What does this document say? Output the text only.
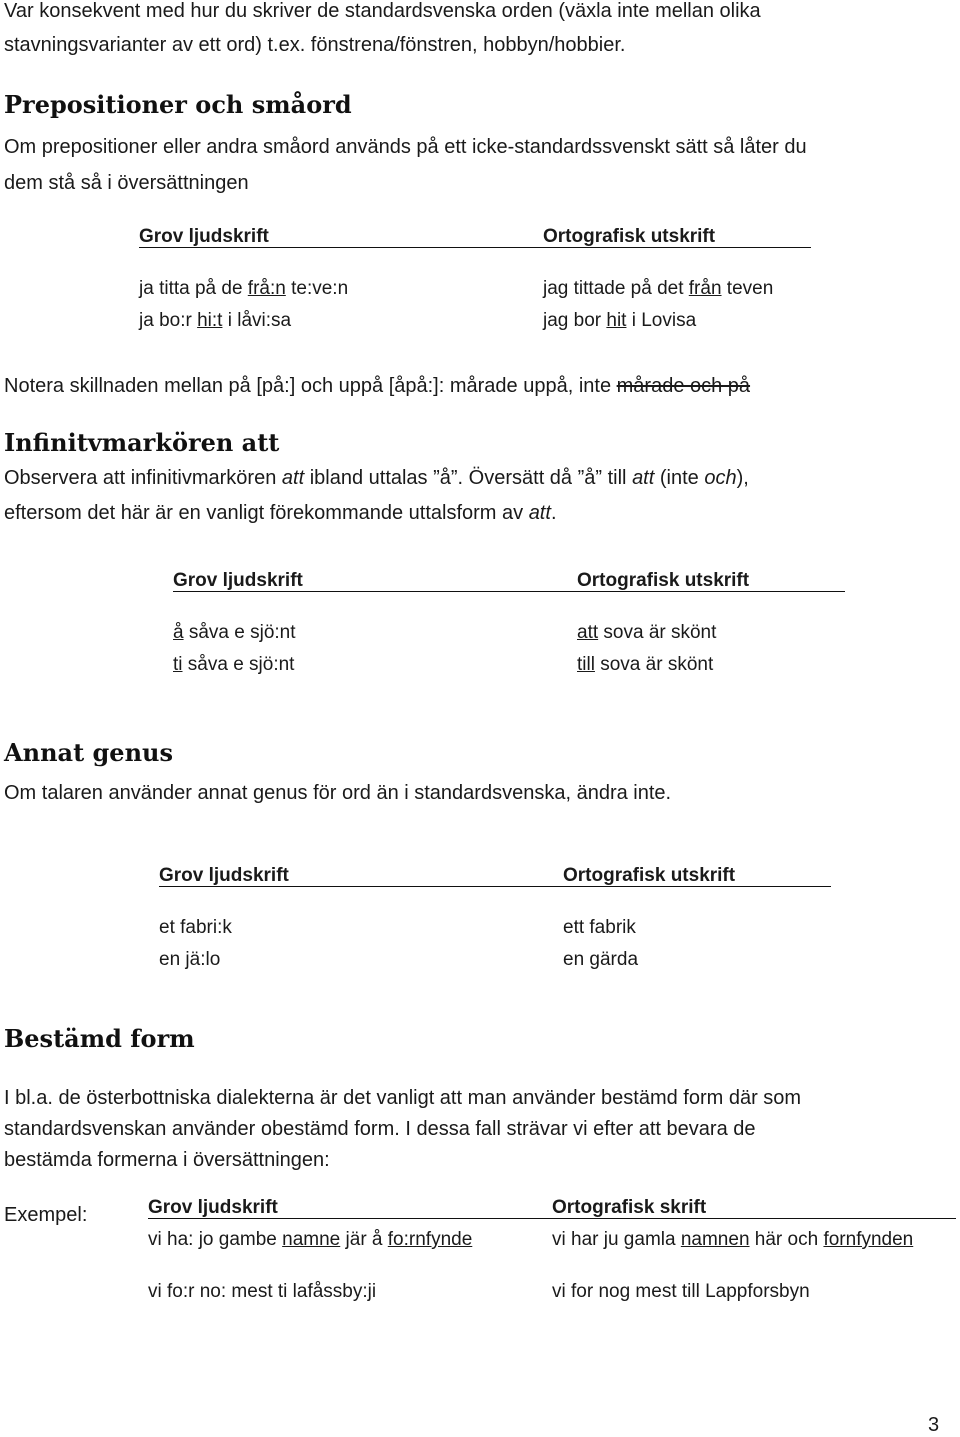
Var konsekvent med hur du skriver de standardsvenska orden (växla inte mellan olika
stavningsvarianter av ett ord) t.ex. fönstrena/fönstren, hobbyn/hobbier.
Prepositioner och småord
Om prepositioner eller andra småord används på ett icke-standardssvenskt sätt så låter du
dem stå så i översättningen
Grov ljudskrift	Ortografisk utskrift
ja titta på de frå:n te:ve:n	jag tittade på det från teven
ja bo:r hi:t i låvi:sa	jag bor hit i Lovisa
Notera skillnaden mellan på [på:] och uppå [åpå:]: mårade uppå, inte mårade och på
Infinitvmarkören att
Observera att infinitivmarkören att ibland uttalas ”å”. Översätt då ”å” till att (inte och),
eftersom det här är en vanligt förekommande uttalsform av att.
Grov ljudskrift	Ortografisk utskrift
å såva e sjö:nt	att sova är skönt
ti såva e sjö:nt	till sova är skönt
Annat genus
Om talaren använder annat genus för ord än i standardsvenska, ändra inte.
Grov ljudskrift	Ortografisk utskrift
et fabri:k	ett fabrik
en jä:lo	en gärda
Bestämd form
I bl.a. de österbottniska dialekterna är det vanligt att man använder bestämd form där som
standardsvenskan använder obestämd form. I dessa fall strävar vi efter att bevara de
bestämda formerna i översättningen:
Exempel:	Grov ljudskrift	Ortografisk skrift
vi ha: jo gambe namne jär å fo:rnfynde	vi har ju gamla namnen här och fornfynden
vi fo:r no: mest ti lafåssby:ji	vi for nog mest till Lappforsbyn
3
